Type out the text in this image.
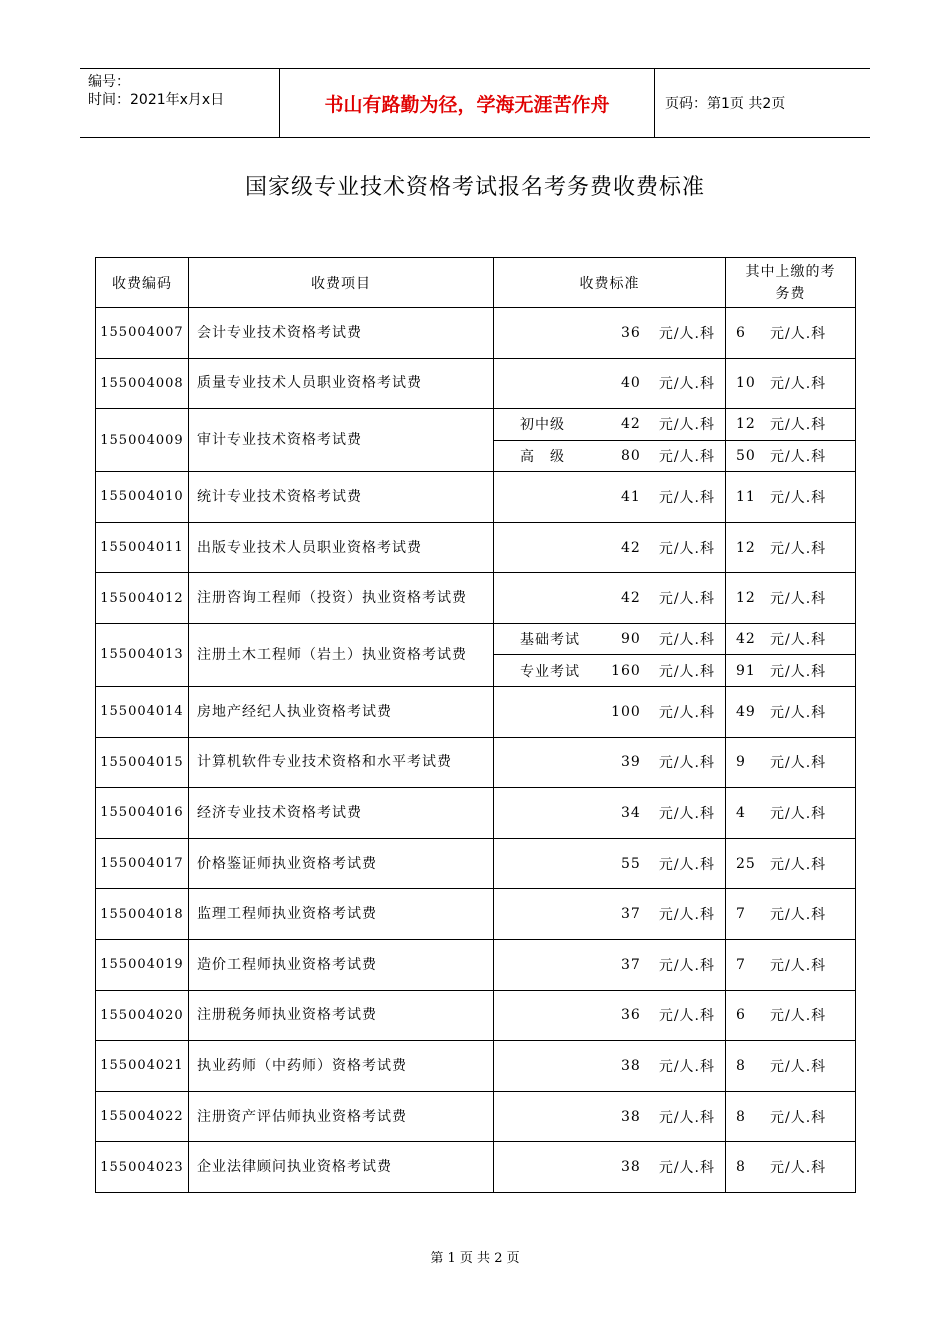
编号：
时间：2021年x月x日	书山有路勤为径，学海无涯苦作舟	页码：第1页 共2页
国家级专业技术资格考试报名考务费收费标准
收费编码	收费项目	收费标准	其中上缴的考务费
155004007	会计专业技术资格考试费	36 元/人.科	6 元/人.科

155004008	质量专业技术人员职业资格考试费	40 元/人.科	10 元/人.科

155004009	审计专业技术资格考试费	初中级 42 元/人.科	12 元/人.科

		高　级 80 元/人.科	50 元/人.科

155004010	统计专业技术资格考试费	41 元/人.科	11 元/人.科

155004011	出版专业技术人员职业资格考试费	42 元/人.科	12 元/人.科

155004012	注册咨询工程师（投资）执业资格考试费	42 元/人.科	12 元/人.科

155004013	注册土木工程师（岩土）执业资格考试费	基础考试 90 元/人.科	42 元/人.科

		专业考试 160 元/人.科	91 元/人.科

155004014	房地产经纪人执业资格考试费	100 元/人.科	49 元/人.科

155004015	计算机软件专业技术资格和水平考试费	39 元/人.科	9 元/人.科

155004016	经济专业技术资格考试费	34 元/人.科	4 元/人.科

155004017	价格鉴证师执业资格考试费	55 元/人.科	25 元/人.科

155004018	监理工程师执业资格考试费	37 元/人.科	7 元/人.科

155004019	造价工程师执业资格考试费	37 元/人.科	7 元/人.科

155004020	注册税务师执业资格考试费	36 元/人.科	6 元/人.科

155004021	执业药师（中药师）资格考试费	38 元/人.科	8 元/人.科

155004022	注册资产评估师执业资格考试费	38 元/人.科	8 元/人.科

155004023	企业法律顾问执业资格考试费	38 元/人.科	8 元/人.科
第 1 页 共 2 页
